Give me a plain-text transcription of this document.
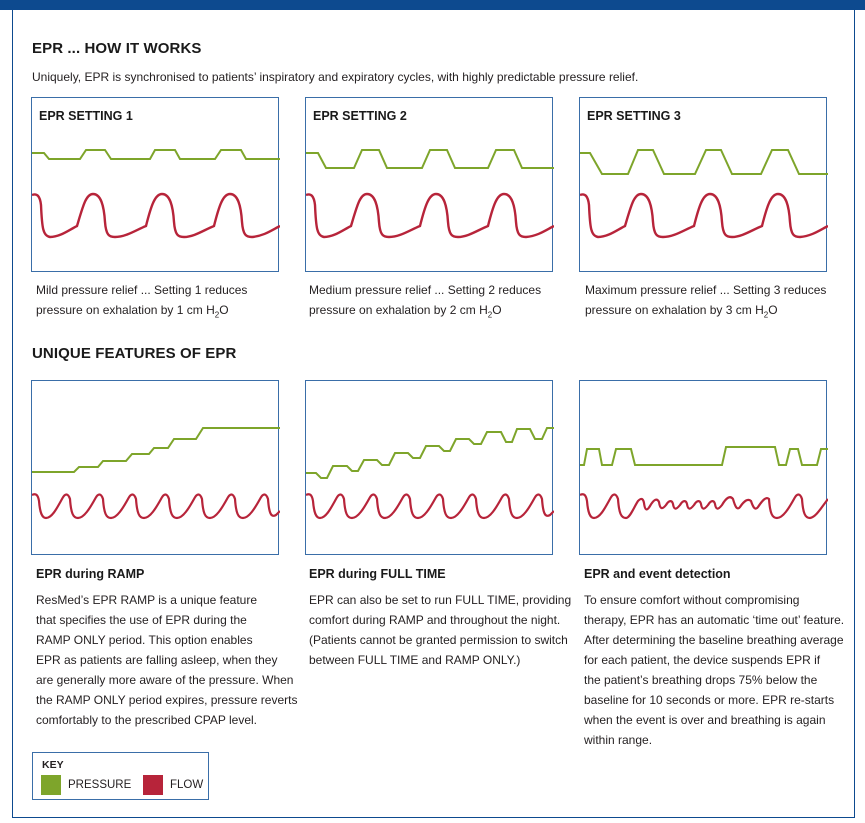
EPR ... HOW IT WORKS
Uniquely, EPR is synchronised to patients’ inspiratory and expiratory cycles, with highly predictable pressure relief.
EPR SETTING 1	EPR SETTING 2	EPR SETTING 3
Mild pressure relief ... Setting 1 reduces
pressure on exhalation by 1 cm $H_2O$
Medium pressure relief ... Setting 2 reduces
pressure on exhalation by 2 cm $H_2O$
Maximum pressure relief ... Setting 3 reduces
pressure on exhalation by 3 cm $H_2O$
UNIQUE FEATURES OF EPR
EPR during RAMP
ResMed’s EPR RAMP is a unique feature
that specifies the use of EPR during the
RAMP ONLY period. This option enables
EPR as patients are falling asleep, when they
are generally more aware of the pressure. When
the RAMP ONLY period expires, pressure reverts
comfortably to the prescribed CPAP level.
EPR during FULL TIME
EPR can also be set to run FULL TIME, providing
comfort during RAMP and throughout the night.
(Patients cannot be granted permission to switch
between FULL TIME and RAMP ONLY.)
EPR and event detection
To ensure comfort without compromising
therapy, EPR has an automatic ‘time out’ feature.
After determining the baseline breathing average
for each patient, the device suspends EPR if
the patient’s breathing drops 75% below the
baseline for 10 seconds or more. EPR re-starts
when the event is over and breathing is again
within range.
KEY
PRESSURE	FLOW
